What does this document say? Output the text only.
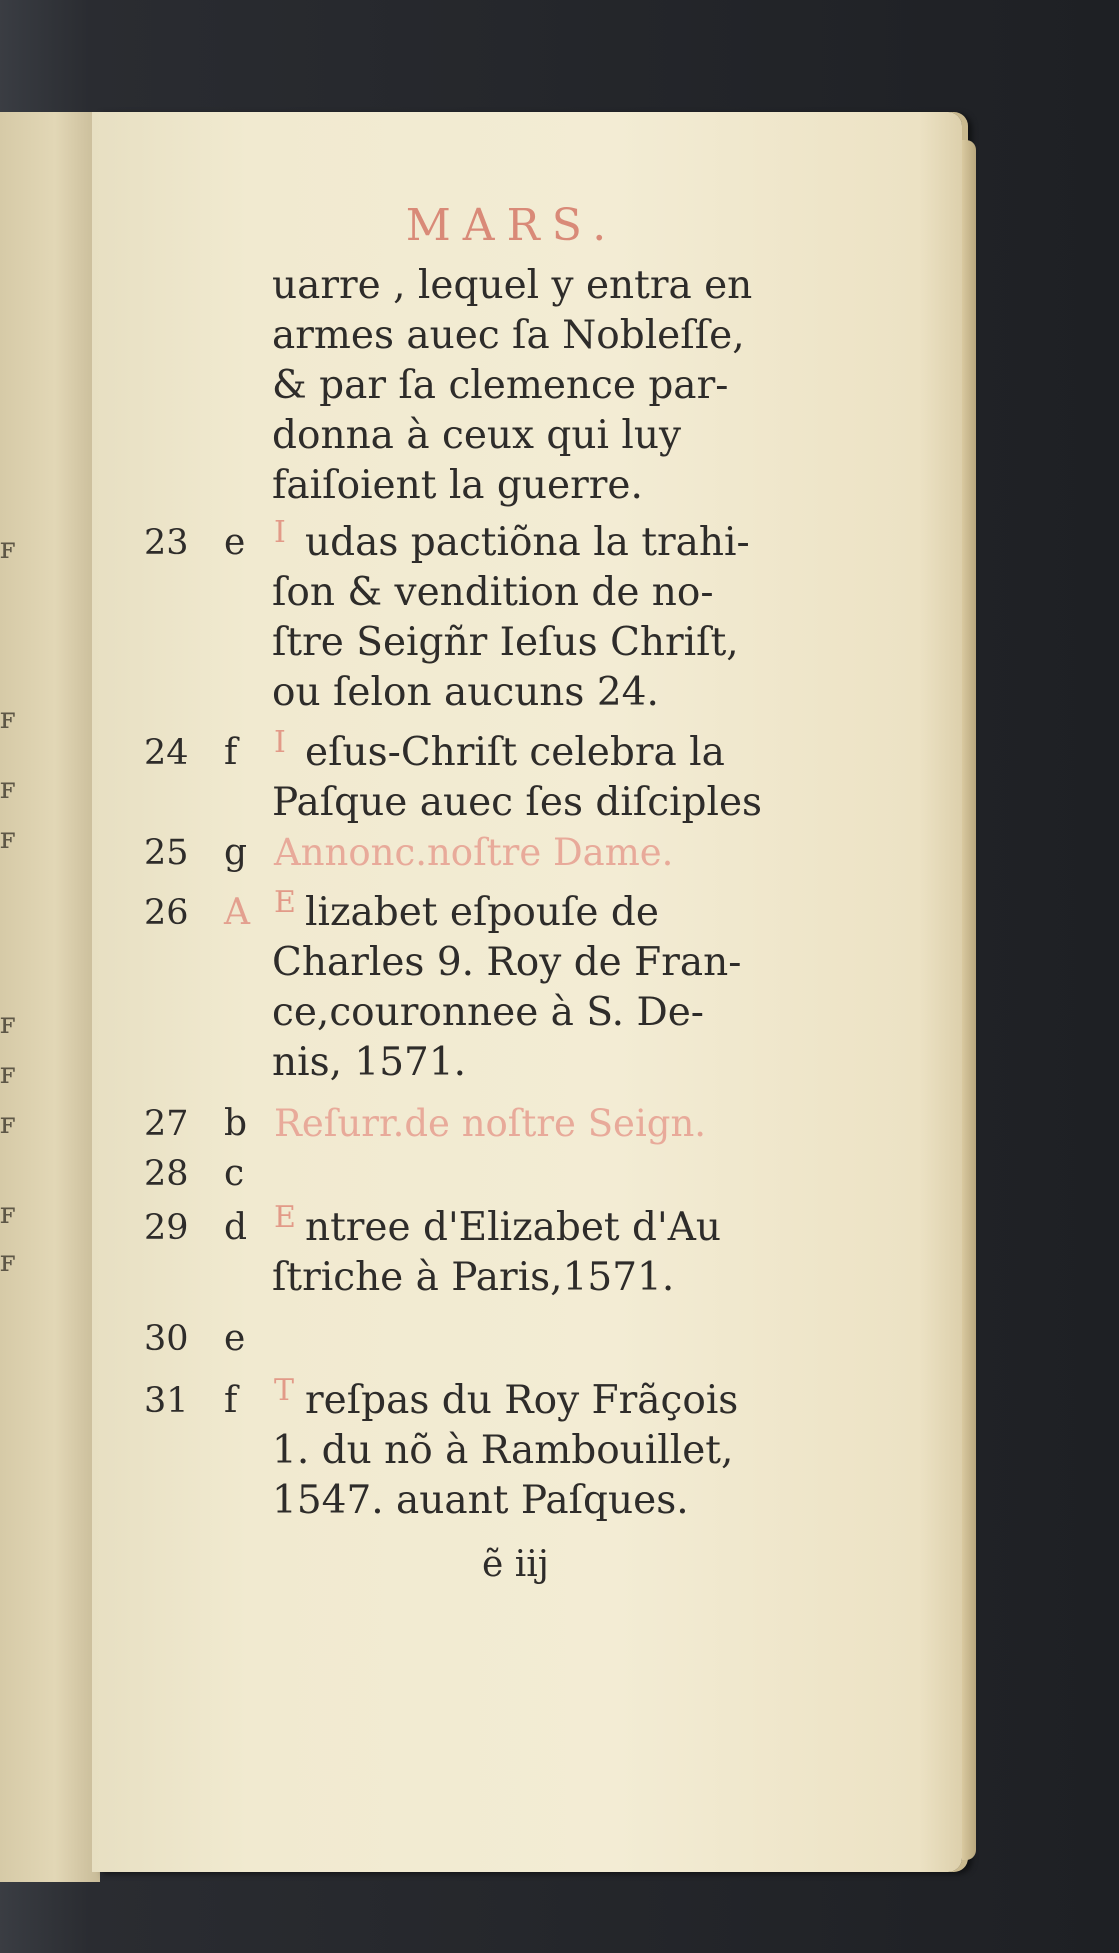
ꜰ
ꜰ
ꜰ
ꜰ
ꜰ
ꜰ
ꜰ
ꜰ
ꜰ
MARS.
uarre , lequel y entra en
armes auec ſa Nobleſſe,
& par ſa clemence par-
donna à ceux qui luy
faiſoient la guerre.
23 e I udas pactiõna la trahi-
ſon & vendition de no-
ſtre Seigñr Ieſus Chriſt,
ou ſelon aucuns 24.
24 f I eſus-Chriſt celebra la
Paſque auec ſes diſciples
25 g Annonc.noſtre Dame.
26 A E lizabet eſpouſe de
Charles 9. Roy de Fran-
ce,couronnee à S. De-
nis, 1571.
27 b Reſurr.de noſtre Seign.
28 c
29 d E ntree d'Elizabet d'Au
ſtriche à Paris,1571.
30 e
31 f T reſpas du Roy Frãçois
1. du nõ à Rambouillet,
1547. auant Paſques.
ẽ iij
